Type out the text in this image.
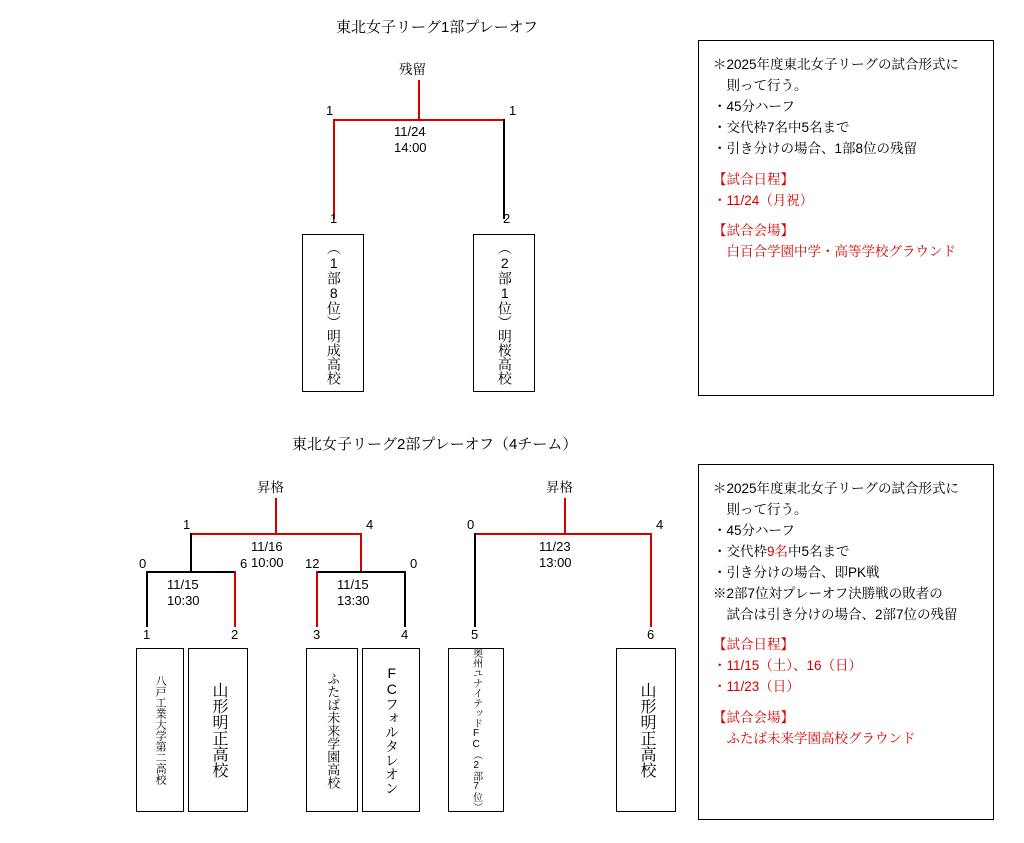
東北女子リーグ1部プレーオフ
残留
1	1
11/24
14:00
1	2
（1部8位）明成高校
（2部1位）明桜高校
＊2025年度東北女子リーグの試合形式に
　則って行う。
・45分ハーフ
・交代枠7名中5名まで
・引き分けの場合、1部8位の残留
【試合日程】
・11/24（月祝）
【試合会場】
　白百合学園中学・高等学校グラウンド
東北女子リーグ2部プレーオフ（4チーム）
昇格
1	4
11/16
10:00
0	6
11/15
10:30
12	0
11/15
13:30
昇格
0	4
11/23
13:00
1	2	3	4	5	6
八戸工業大学第二高校	山形明正高校	ふたば未来学園高校	FCフォルタレオン	奥州ユナイテッドFC（2部7位）	山形明正高校
＊2025年度東北女子リーグの試合形式に
　則って行う。
・45分ハーフ
・交代枠9名中5名まで
・引き分けの場合、即PK戦
※2部7位対プレーオフ決勝戦の敗者の
　試合は引き分けの場合、2部7位の残留
【試合日程】
・11/15（土）、16（日）
・11/23（日）
【試合会場】
　ふたば未来学園高校グラウンド
